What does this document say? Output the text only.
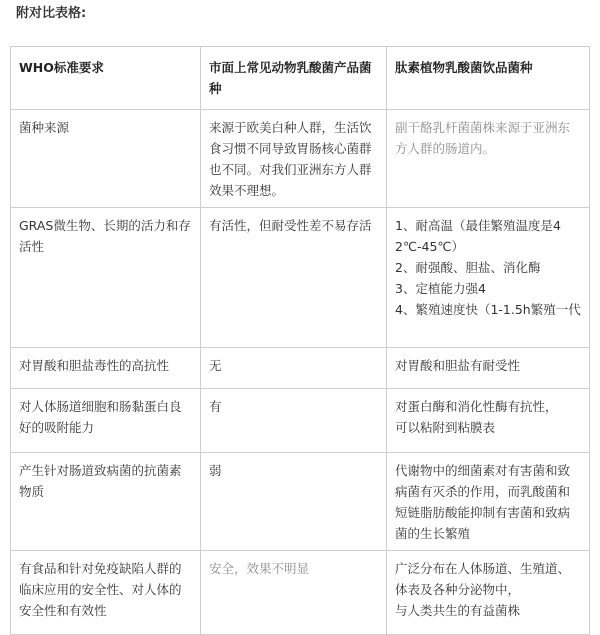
附对比表格:

WHO标准要求	市面上常见动物乳酸菌产品菌种	肽素植物乳酸菌饮品菌种
菌种来源	来源于欧美白种人群，生活饮食习惯不同导致胃肠核心菌群也不同。对我们亚洲东方人群效果不理想。	副干酪乳杆菌菌株来源于亚洲东方人群的肠道内。
GRAS微生物、长期的活力和存活性	有活性，但耐受性差不易存活	1、耐高温（最佳繁殖温度是42℃-45℃）
2、耐强酸、胆盐、消化酶
3、定植能力强4
4、繁殖速度快（1-1.5h繁殖一代

对胃酸和胆盐毒性的高抗性	无	对胃酸和胆盐有耐受性
对人体肠道细胞和肠黏蛋白良好的吸附能力	有	对蛋白酶和消化性酶有抗性，
可以粘附到粘膜表

产生针对肠道致病菌的抗菌素物质	弱	代谢物中的细菌素对有害菌和致病菌有灭杀的作用，而乳酸菌和短链脂肪酸能抑制有害菌和致病菌的生长繁殖
有食品和针对免疫缺陷人群的临床应用的安全性、对人体的安全性和有效性	安全，效果不明显	广泛分布在人体肠道、生殖道、体表及各种分泌物中，
与人类共生的有益菌株
